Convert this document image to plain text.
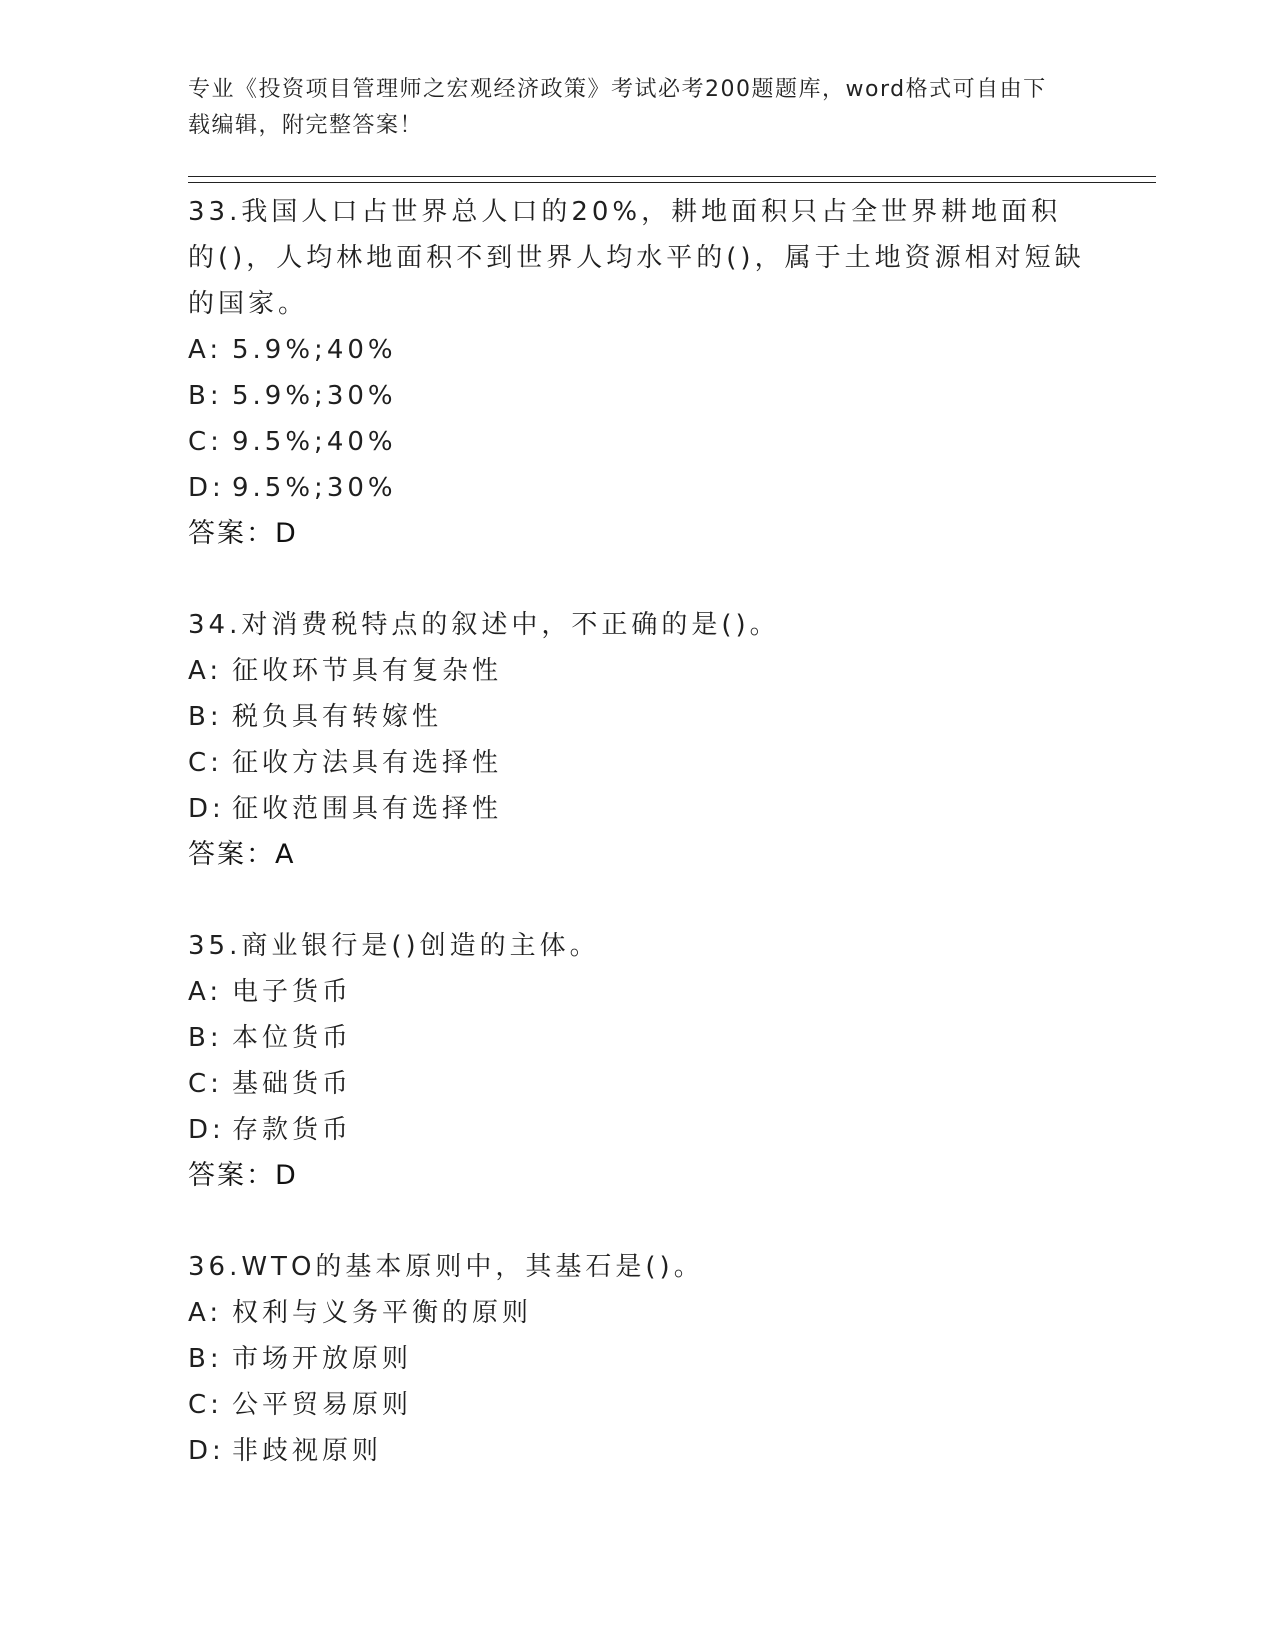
专业《投资项目管理师之宏观经济政策》考试必考200题题库，word格式可自由下载编辑，附完整答案！

33.我国人口占世界总人口的20%，耕地面积只占全世界耕地面积的()，人均林地面积不到世界人均水平的()，属于土地资源相对短缺的国家。

A: 5.9%;40%
B: 5.9%;30%
C: 9.5%;40%
D: 9.5%;30%
答案：D

34.对消费税特点的叙述中，不正确的是()。

A: 征收环节具有复杂性
B: 税负具有转嫁性
C: 征收方法具有选择性
D: 征收范围具有选择性
答案：A

35.商业银行是()创造的主体。

A: 电子货币
B: 本位货币
C: 基础货币
D: 存款货币
答案：D

36.WTO的基本原则中，其基石是()。

A: 权利与义务平衡的原则
B: 市场开放原则
C: 公平贸易原则
D: 非歧视原则
